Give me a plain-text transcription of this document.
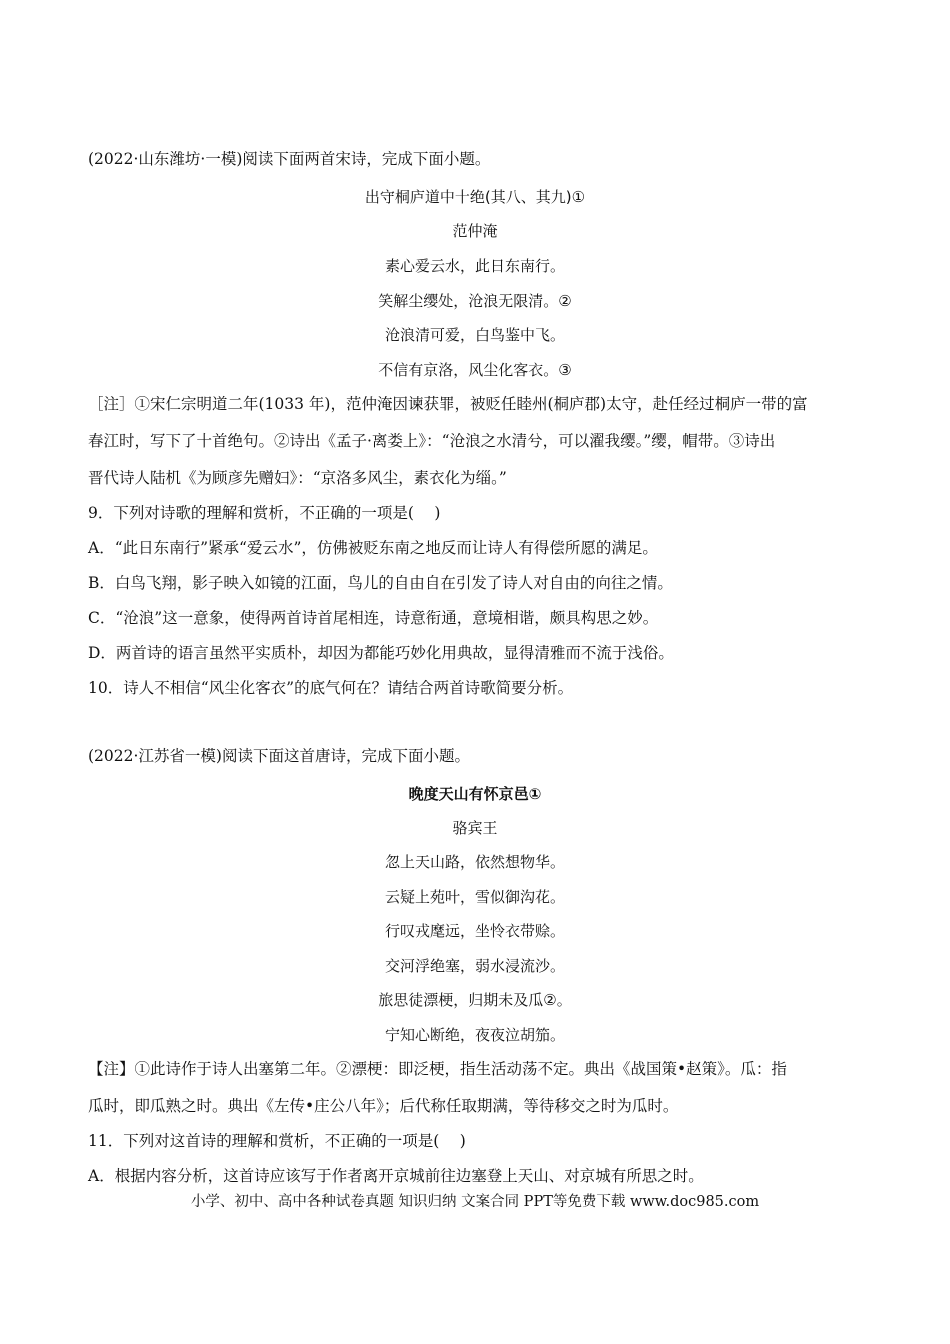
(2022·山东潍坊·一模)阅读下面两首宋诗，完成下面小题。
出守桐庐道中十绝(其八、其九)①
范仲淹
素心爱云水，此日东南行。
笑解尘缨处，沧浪无限清。②
沧浪清可爱，白鸟鉴中飞。
不信有京洛，风尘化客衣。③
［注］①宋仁宗明道二年(1033 年)，范仲淹因谏获罪，被贬任睦州(桐庐郡)太守，赴任经过桐庐一带的富
春江时，写下了十首绝句。②诗出《孟子·离娄上》：“沧浪之水清兮，可以濯我缨。”缨，帽带。③诗出
晋代诗人陆机《为顾彦先赠妇》：“京洛多风尘，素衣化为缁。”
9．下列对诗歌的理解和赏析，不正确的一项是(　 )
A．“此日东南行”紧承“爱云水”，仿佛被贬东南之地反而让诗人有得偿所愿的满足。
B．白鸟飞翔，影子映入如镜的江面，鸟儿的自由自在引发了诗人对自由的向往之情。
C．“沧浪”这一意象，使得两首诗首尾相连，诗意衔通，意境相谐，颇具构思之妙。
D．两首诗的语言虽然平实质朴，却因为都能巧妙化用典故，显得清雅而不流于浅俗。
10．诗人不相信“风尘化客衣”的底气何在？请结合两首诗歌简要分析。
(2022·江苏省一模)阅读下面这首唐诗，完成下面小题。
晚度天山有怀京邑①
骆宾王
忽上天山路，依然想物华。
云疑上苑叶，雪似御沟花。
行叹戎麾远，坐怜衣带赊。
交河浮绝塞，弱水浸流沙。
旅思徒漂梗，归期未及瓜②。
宁知心断绝，夜夜泣胡笳。
【注】①此诗作于诗人出塞第二年。②漂梗：即泛梗，指生活动荡不定。典出《战国策•赵策》。瓜：指
瓜时，即瓜熟之时。典出《左传•庄公八年》；后代称任取期满，等待移交之时为瓜时。
11．下列对这首诗的理解和赏析，不正确的一项是(　 )
A．根据内容分析，这首诗应该写于作者离开京城前往边塞登上天山、对京城有所思之时。
小学、初中、高中各种试卷真题 知识归纳 文案合同 PPT等免费下载 www.doc985.com
